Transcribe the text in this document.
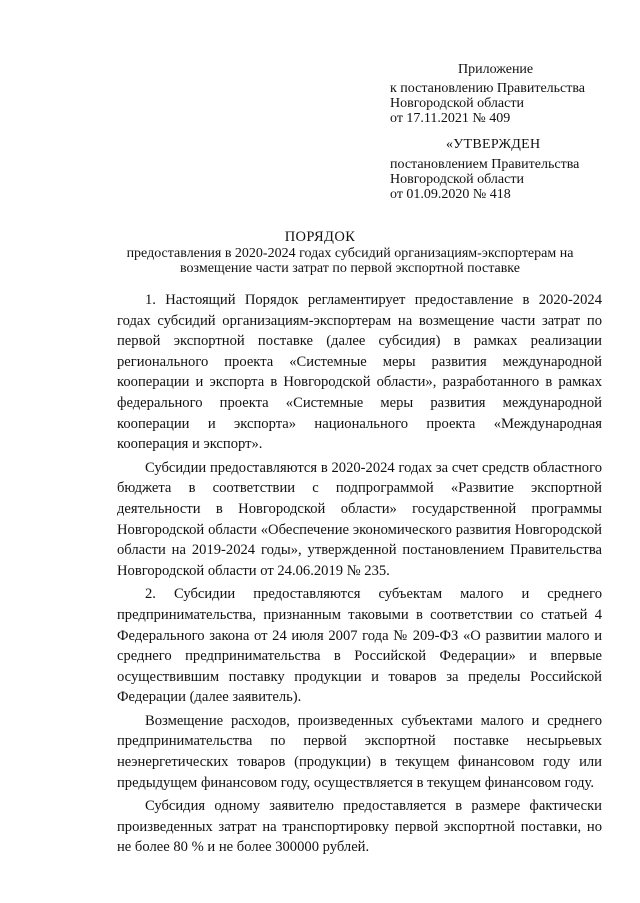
Приложение
к постановлению Правительства
Новгородской области
от 17.11.2021 № 409
«УТВЕРЖДЕН
постановлением Правительства
Новгородской области
от 01.09.2020 № 418
ПОРЯДОК
предоставления в 2020-2024 годах субсидий организациям-экспортерам на возмещение части затрат по первой экспортной поставке

1. Настоящий Порядок регламентирует предоставление в 2020-2024 годах субсидий организациям-экспортерам на возмещение части затрат по первой экспортной поставке (далее субсидия) в рамках реализации регионального проекта «Системные меры развития международной кооперации и экспорта в Новгородской области», разработанного в рамках федерального проекта «Системные меры развития международной кооперации и экспорта» национального проекта «Международная кооперация и экспорт».

Субсидии предоставляются в 2020-2024 годах за счет средств областного бюджета в соответствии с подпрограммой «Развитие экспортной деятельности в Новгородской области» государственной программы Новгородской области «Обеспечение экономического развития Новгородской области на 2019-2024 годы», утвержденной постановлением Правительства Новгородской области от 24.06.2019 № 235.

2. Субсидии предоставляются субъектам малого и среднего предпринимательства, признанным таковыми в соответствии со статьей 4 Федерального закона от 24 июля 2007 года № 209-ФЗ «О развитии малого и среднего предпринимательства в Российской Федерации» и впервые осуществившим поставку продукции и товаров за пределы Российской Федерации (далее заявитель).

Возмещение расходов, произведенных субъектами малого и среднего предпринимательства по первой экспортной поставке несырьевых неэнергетических товаров (продукции) в текущем финансовом году или предыдущем финансовом году, осуществляется в текущем финансовом году.

Субсидия одному заявителю предоставляется в размере фактически произведенных затрат на транспортировку первой экспортной поставки, но не более 80 % и не более 300000 рублей.
